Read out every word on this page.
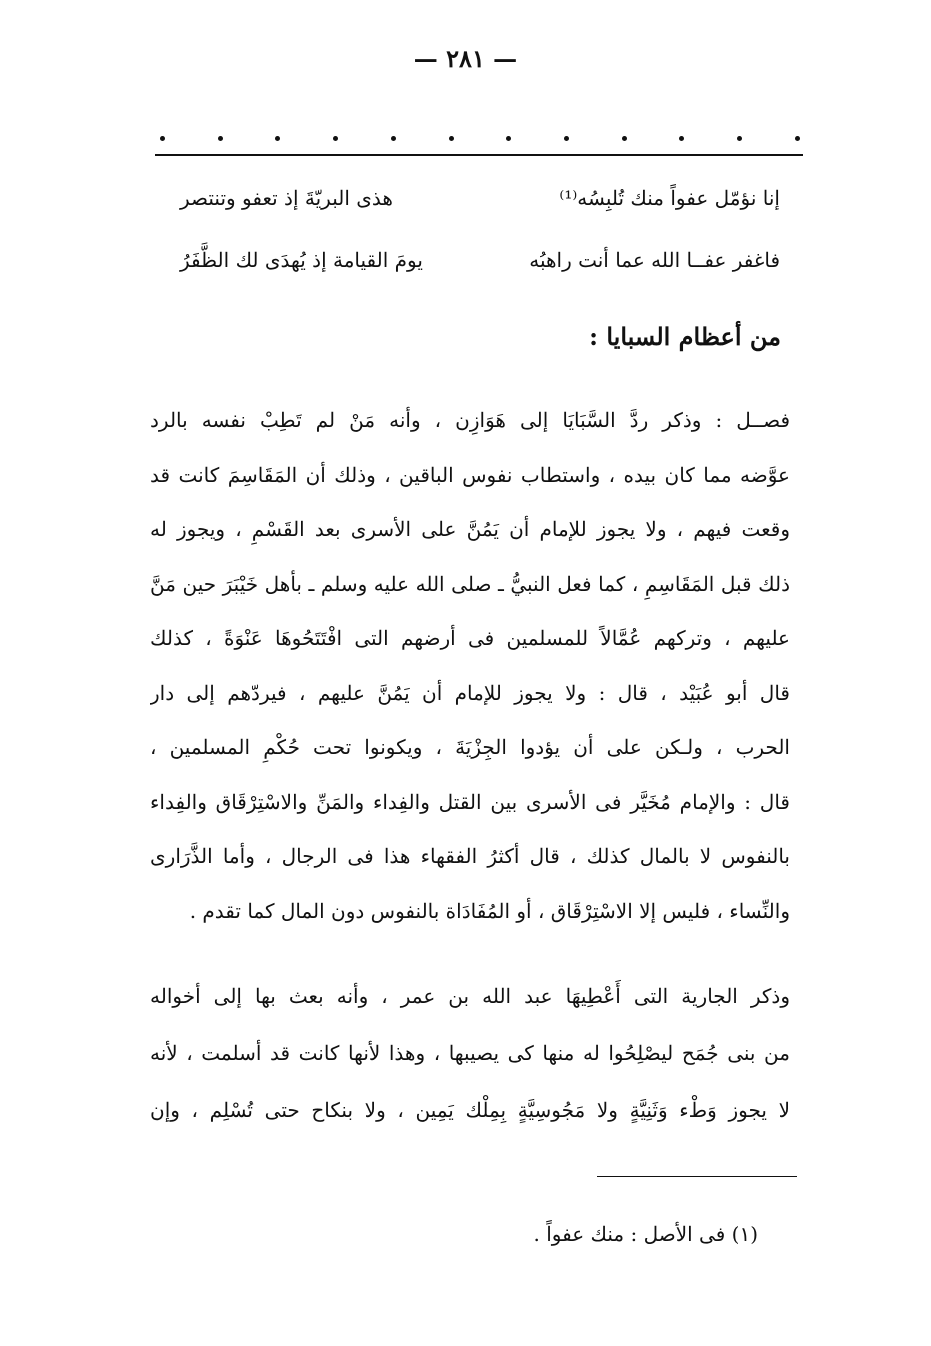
— ٢٨١ —
إنا نؤمّل عفواً منك تُلبِسُه⁽¹⁾
هذى البريّةَ إذ تعفو وتنتصر
فاغفر عفــا الله عما أنت راهبُه
يومَ القيامة إذ يُهدَى لك الظَّفَرُ
من أعظام السبايا :
فصــل : وذكر ردَّ السَّبَايَا إلى هَوَازِن ، وأنه مَنْ لم تَطِبْ نفسه بالرد
عوَّضه مما كان بيده ، واستطاب نفوس الباقين ، وذلك أن المَقَاسِمَ كانت قد
وقعت فيهم ، ولا يجوز للإمام أن يَمُنَّ على الأسرى بعد القَسْمِ ، ويجوز له
ذلك قبل المَقَاسِمِ ، كما فعل النبيُّ ـ صلى الله عليه وسلم ـ بأهل خَيْبَرَ حين مَنَّ
عليهم ، وتركهم عُمَّالاً للمسلمين فى أرضهم التى افْتَتَحُوهَا عَنْوَةً ، كذلك
قال أبو عُبَيْد ، قال : ولا يجوز للإمام أن يَمُنَّ عليهم ، فيردّهم إلى دار
الحرب ، ولـكن على أن يؤدوا الجِزْيَةَ ، ويكونوا تحت حُكْمِ المسلمين ،
قال : والإمام مُخَيَّر فى الأسرى بين القتل والفِداء والمَنِّ والاسْتِرْقَاق والفِداء
بالنفوس لا بالمال كذلك ، قال أكثرُ الفقهاء هذا فى الرجال ، وأما الذَّرَارى
والنِّساء ، فليس إلا الاسْتِرْقَاق ، أو المُفَادَاة بالنفوس دون المال كما تقدم .
وذكر الجارية التى أَعْطِيهَا عبد الله بن عمر ، وأنه بعث بها إلى أخواله
من بنى جُمَح ليصْلِحُوا له منها كى يصيبها ، وهذا لأنها كانت قد أسلمت ، لأنه
لا يجوز وَطْء وَثَنِيَّةٍ ولا مَجُوسِيَّةٍ بِمِلْك يَمِين ، ولا بنكاح حتى تُسْلِم ، وإن
(١) فى الأصل : منك عفواً .
